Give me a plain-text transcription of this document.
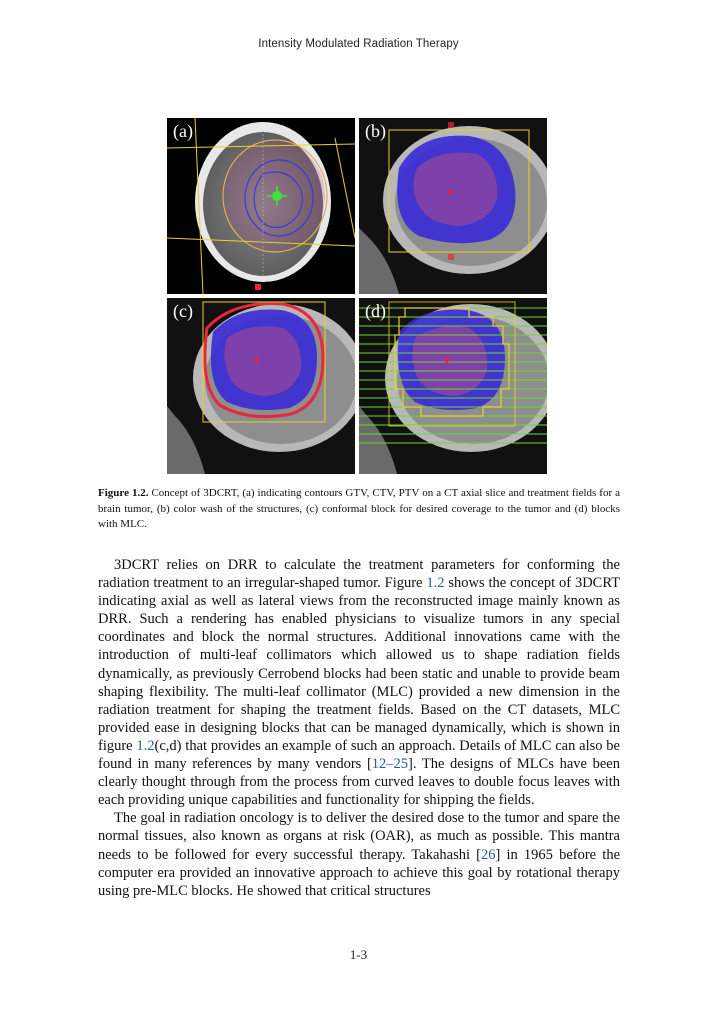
Intensity Modulated Radiation Therapy
(a)	(b)
(c)	(d)
Figure 1.2. Concept of 3DCRT, (a) indicating contours GTV, CTV, PTV on a CT axial slice and treatment fields for a brain tumor, (b) color wash of the structures, (c) conformal block for desired coverage to the tumor and (d) blocks with MLC.

3DCRT relies on DRR to calculate the treatment parameters for conforming the radiation treatment to an irregular-shaped tumor. Figure 1.2 shows the concept of 3DCRT indicating axial as well as lateral views from the reconstructed image mainly known as DRR. Such a rendering has enabled physicians to visualize tumors in any special coordinates and block the normal structures. Additional innovations came with the introduction of multi-leaf collimators which allowed us to shape radiation fields dynamically, as previously Cerrobend blocks had been static and unable to provide beam shaping flexibility. The multi-leaf collimator (MLC) provided a new dimension in the radiation treatment for shaping the treatment fields. Based on the CT datasets, MLC provided ease in designing blocks that can be managed dynamically, which is shown in figure 1.2(c,d) that provides an example of such an approach. Details of MLC can also be found in many references by many vendors [12–25]. The designs of MLCs have been clearly thought through from the process from curved leaves to double focus leaves with each providing unique capabilities and functionality for shipping the fields.

The goal in radiation oncology is to deliver the desired dose to the tumor and spare the normal tissues, also known as organs at risk (OAR), as much as possible. This mantra needs to be followed for every successful therapy. Takahashi [26] in 1965 before the computer era provided an innovative approach to achieve this goal by rotational therapy using pre-MLC blocks. He showed that critical structures

1-3
